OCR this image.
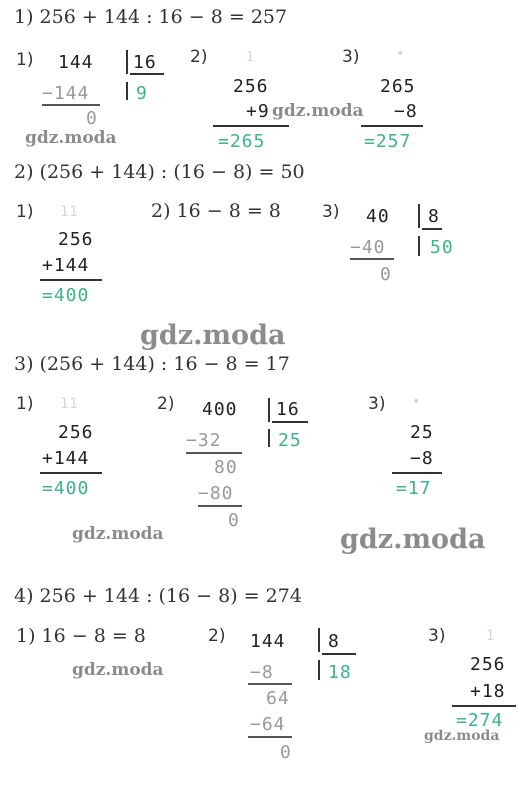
1) 256 + 144 : 16 − 8 = 257
1) 144 16
9
−144
0
gdz.moda
2)	1
256
+9 gdz.moda
=265
3)	•
265
−8
=257
2) (256 + 144) : (16 − 8) = 50
1) 11
256
+144
=400
2) 16 − 8 = 8 3) 40 8
50
−40
0
gdz.moda
3) (256 + 144) : 16 − 8 = 17
1) 11
256
+144
=400
2) 400 16
25
−32
80
−80
0
3) •
25
−8
=17
gdz.moda	gdz.moda
4) 256 + 144 : (16 − 8) = 274
1) 16 − 8 = 8
gdz.moda
2) 144 8
18
−8
64
−64
0
3)	1
256
+18
=274
gdz.moda
